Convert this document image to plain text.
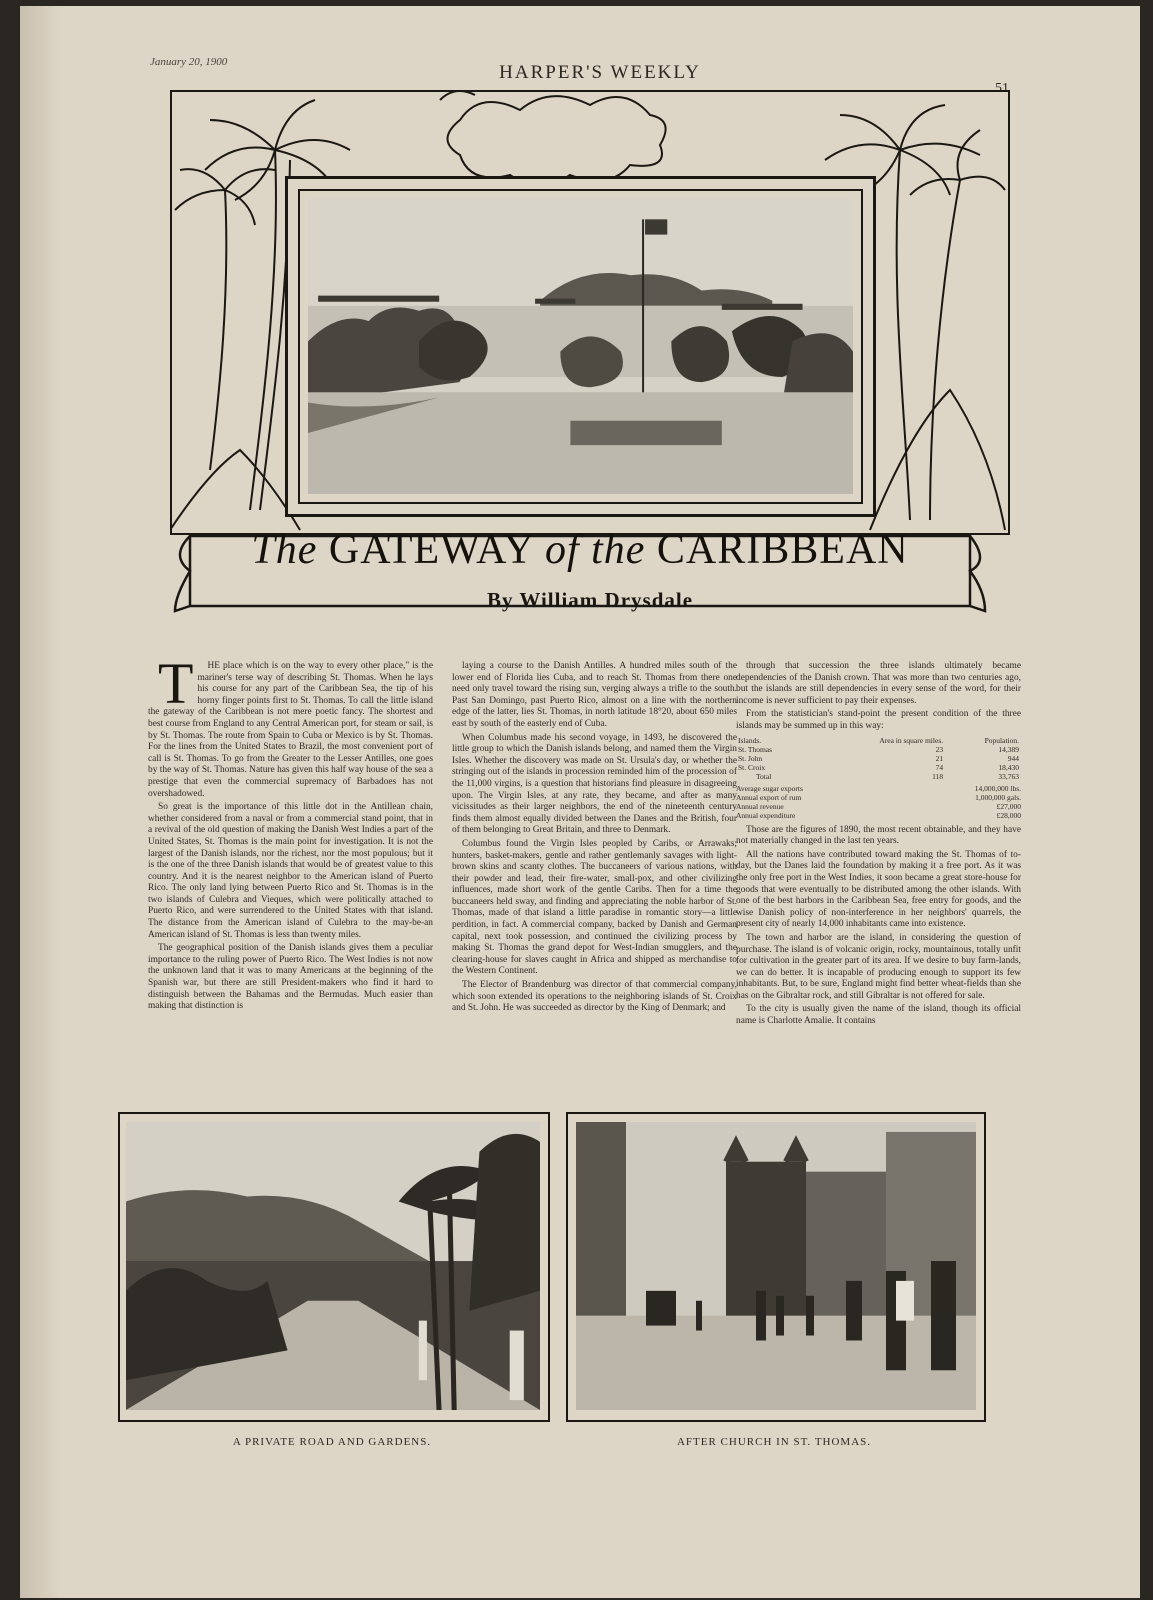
January 20, 1900	HARPER'S WEEKLY
51
The GATEWAY of the CARIBBEAN
By William Drysdale

T HE place which is on the way to every other place," is the mariner's terse way of describing St. Thomas. When he lays his course for any part of the Caribbean Sea, the tip of his horny finger points first to St. Thomas. To call the little island the gateway of the Caribbean is not mere poetic fancy. The shortest and best course from England to any Central American port, for steam or sail, is by St. Thomas. The route from Spain to Cuba or Mexico is by St. Thomas. For the lines from the United States to Brazil, the most convenient port of call is St. Thomas. To go from the Greater to the Lesser Antilles, one goes by the way of St. Thomas. Nature has given this half way house of the sea a prestige that even the commercial supremacy of Barbadoes has not overshadowed.

So great is the importance of this little dot in the Antillean chain, whether considered from a naval or from a commercial stand point, that in a revival of the old question of making the Danish West Indies a part of the United States, St. Thomas is the main point for investigation. It is not the largest of the Danish islands, nor the richest, nor the most populous; but it is the one of the three Danish islands that would be of greatest value to this country. And it is the nearest neighbor to the American island of Puerto Rico. The only land lying between Puerto Rico and St. Thomas is in the two islands of Culebra and Vieques, which were politically attached to Puerto Rico, and were surrendered to the United States with that island. The distance from the American island of Culebra to the may-be-an American island of St. Thomas is less than twenty miles.

The geographical position of the Danish islands gives them a peculiar importance to the ruling power of Puerto Rico. The West Indies is not now the unknown land that it was to many Americans at the beginning of the Spanish war, but there are still President-makers who find it hard to distinguish between the Bahamas and the Bermudas. Much easier than making that distinction is

laying a course to the Danish Antilles. A hundred miles south of the lower end of Florida lies Cuba, and to reach St. Thomas from there one need only travel toward the rising sun, verging always a trifle to the south. Past San Domingo, past Puerto Rico, almost on a line with the northern edge of the latter, lies St. Thomas, in north latitude 18°20, about 650 miles east by south of the easterly end of Cuba.

When Columbus made his second voyage, in 1493, he discovered the little group to which the Danish islands belong, and named them the Virgin Isles. Whether the discovery was made on St. Ursula's day, or whether the stringing out of the islands in procession reminded him of the procession of the 11,000 virgins, is a question that historians find pleasure in disagreeing upon. The Virgin Isles, at any rate, they became, and after as many vicissitudes as their larger neighbors, the end of the nineteenth century finds them almost equally divided between the Danes and the British, four of them belonging to Great Britain, and three to Denmark.

Columbus found the Virgin Isles peopled by Caribs, or Arrawaks; hunters, basket-makers, gentle and rather gentlemanly savages with light-brown skins and scanty clothes. The buccaneers of various nations, with their powder and lead, their fire-water, small-pox, and other civilizing influences, made short work of the gentle Caribs. Then for a time the buccaneers held sway, and finding and appreciating the noble harbor of St. Thomas, made of that island a little paradise in romantic story—a little perdition, in fact. A commercial company, backed by Danish and German capital, next took possession, and continued the civilizing process by making St. Thomas the grand depot for West-Indian smugglers, and the clearing-house for slaves caught in Africa and shipped as merchandise to the Western Continent.

The Elector of Brandenburg was director of that commercial company, which soon extended its operations to the neighboring islands of St. Croix and St. John. He was succeeded as director by the King of Denmark; and

through that succession the three islands ultimately became dependencies of the Danish crown. That was more than two centuries ago, but the islands are still dependencies in every sense of the word, for their income is never sufficient to pay their expenses.

From the statistician's stand-point the present condition of the three islands may be summed up in this way:

Islands.	Area in square miles.	Population.
St. Thomas	23	14,389
St. John	21	944
St. Croix	74	18,430
Total	118	33,763
Average sugar exports	14,000,000 lbs.
Annual export of rum	1,000,000 gals.
Annual revenue	£27,000
Annual expenditure	£28,000

Those are the figures of 1890, the most recent obtainable, and they have not materially changed in the last ten years.

All the nations have contributed toward making the St. Thomas of to-day, but the Danes laid the foundation by making it a free port. As it was the only free port in the West Indies, it soon became a great store-house for goods that were eventually to be distributed among the other islands. With one of the best harbors in the Caribbean Sea, free entry for goods, and the wise Danish policy of non-interference in her neighbors' quarrels, the present city of nearly 14,000 inhabitants came into existence.

The town and harbor are the island, in considering the question of purchase. The island is of volcanic origin, rocky, mountainous, totally unfit for cultivation in the greater part of its area. If we desire to buy farm-lands, we can do better. It is incapable of producing enough to support its few inhabitants. But, to be sure, England might find better wheat-fields than she has on the Gibraltar rock, and still Gibraltar is not offered for sale.

To the city is usually given the name of the island, though its official name is Charlotte Amalie. It contains

A PRIVATE ROAD AND GARDENS.	AFTER CHURCH IN ST. THOMAS.
